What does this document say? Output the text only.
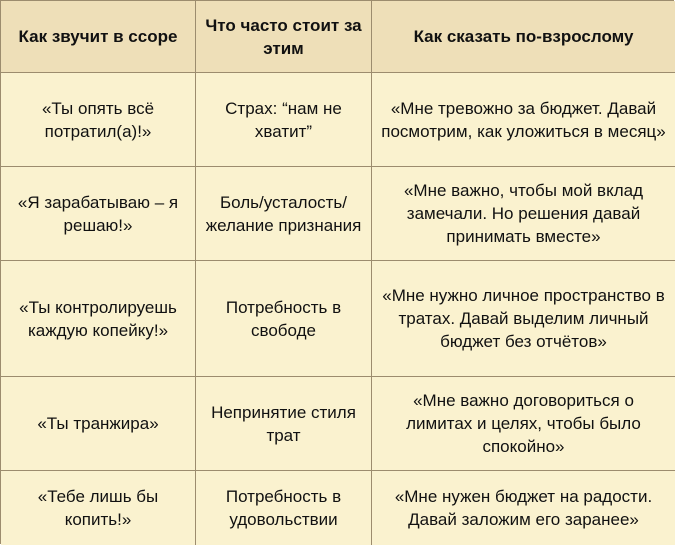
Как звучит в ссоре
Что часто стоит за этим
Как сказать по-взрослому
«Ты опять всё потратил(а)!»
Страх: “нам не хватит”
«Мне тревожно за бюджет. Давай посмотрим, как уложиться в месяц»
«Я зарабатываю – я решаю!»
Боль/усталость/ желание признания
«Мне важно, чтобы мой вклад замечали. Но решения давай принимать вместе»
«Ты контролируешь каждую копейку!»
Потребность в свободе
«Мне нужно личное пространство в тратах. Давай выделим личный бюджет без отчётов»
«Ты транжира»
Непринятие стиля трат
«Мне важно договориться о лимитах и целях, чтобы было спокойно»
«Тебе лишь бы копить!»
Потребность в удовольствии
«Мне нужен бюджет на радости. Давай заложим его заранее»
